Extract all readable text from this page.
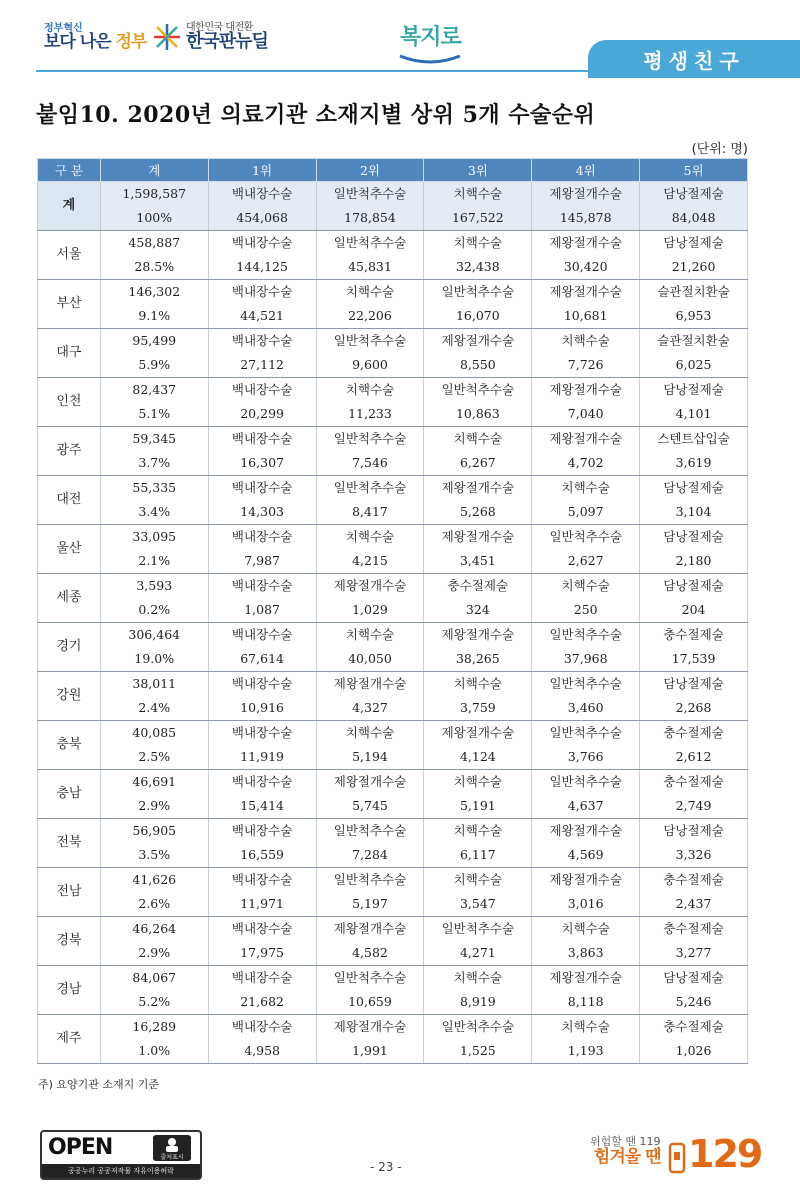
정부혁신
보다 나은 정부
대한민국 대전환
한국판뉴딜	복지로
평생친구
붙임10. 2020년 의료기관 소재지별 상위 5개 수술순위
(단위: 명)
구 분	계	1위	2위	3위	4위	5위
계	1,598,587	백내장수술	일반척추수술	치핵수술	제왕절개수술	담낭절제술
	100%	454,068	178,854	167,522	145,878	84,048
서울	458,887	백내장수술	일반척추수술	치핵수술	제왕절개수술	담낭절제술
	28.5%	144,125	45,831	32,438	30,420	21,260
부산	146,302	백내장수술	치핵수술	일반척추수술	제왕절개수술	슬관절치환술
	9.1%	44,521	22,206	16,070	10,681	6,953
대구	95,499	백내장수술	일반척추수술	제왕절개수술	치핵수술	슬관절치환술
	5.9%	27,112	9,600	8,550	7,726	6,025
인천	82,437	백내장수술	치핵수술	일반척추수술	제왕절개수술	담낭절제술
	5.1%	20,299	11,233	10,863	7,040	4,101
광주	59,345	백내장수술	일반척추수술	치핵수술	제왕절개수술	스텐트삽입술
	3.7%	16,307	7,546	6,267	4,702	3,619
대전	55,335	백내장수술	일반척추수술	제왕절개수술	치핵수술	담낭절제술
	3.4%	14,303	8,417	5,268	5,097	3,104
울산	33,095	백내장수술	치핵수술	제왕절개수술	일반척추수술	담낭절제술
	2.1%	7,987	4,215	3,451	2,627	2,180
세종	3,593	백내장수술	제왕절개수술	충수절제술	치핵수술	담낭절제술
	0.2%	1,087	1,029	324	250	204
경기	306,464	백내장수술	치핵수술	제왕절개수술	일반척추수술	충수절제술
	19.0%	67,614	40,050	38,265	37,968	17,539
강원	38,011	백내장수술	제왕절개수술	치핵수술	일반척추수술	담낭절제술
	2.4%	10,916	4,327	3,759	3,460	2,268
충북	40,085	백내장수술	치핵수술	제왕절개수술	일반척추수술	충수절제술
	2.5%	11,919	5,194	4,124	3,766	2,612
충남	46,691	백내장수술	제왕절개수술	치핵수술	일반척추수술	충수절제술
	2.9%	15,414	5,745	5,191	4,637	2,749
전북	56,905	백내장수술	일반척추수술	치핵수술	제왕절개수술	담낭절제술
	3.5%	16,559	7,284	6,117	4,569	3,326
전남	41,626	백내장수술	일반척추수술	치핵수술	제왕절개수술	충수절제술
	2.6%	11,971	5,197	3,547	3,016	2,437
경북	46,264	백내장수술	제왕절개수술	일반척추수술	치핵수술	충수절제술
	2.9%	17,975	4,582	4,271	3,863	3,277
경남	84,067	백내장수술	일반척추수술	치핵수술	제왕절개수술	담낭절제술
	5.2%	21,682	10,659	8,919	8,118	5,246
제주	16,289	백내장수술	제왕절개수술	일반척추수술	치핵수술	충수절제술
	1.0%	4,958	1,991	1,525	1,193	1,026
주) 요양기관 소재지 기준
OPEN	출처표시
공공누리 공공저작물 자유이용허락	- 23 -
위험할 땐 119
힘겨울 땐 129
